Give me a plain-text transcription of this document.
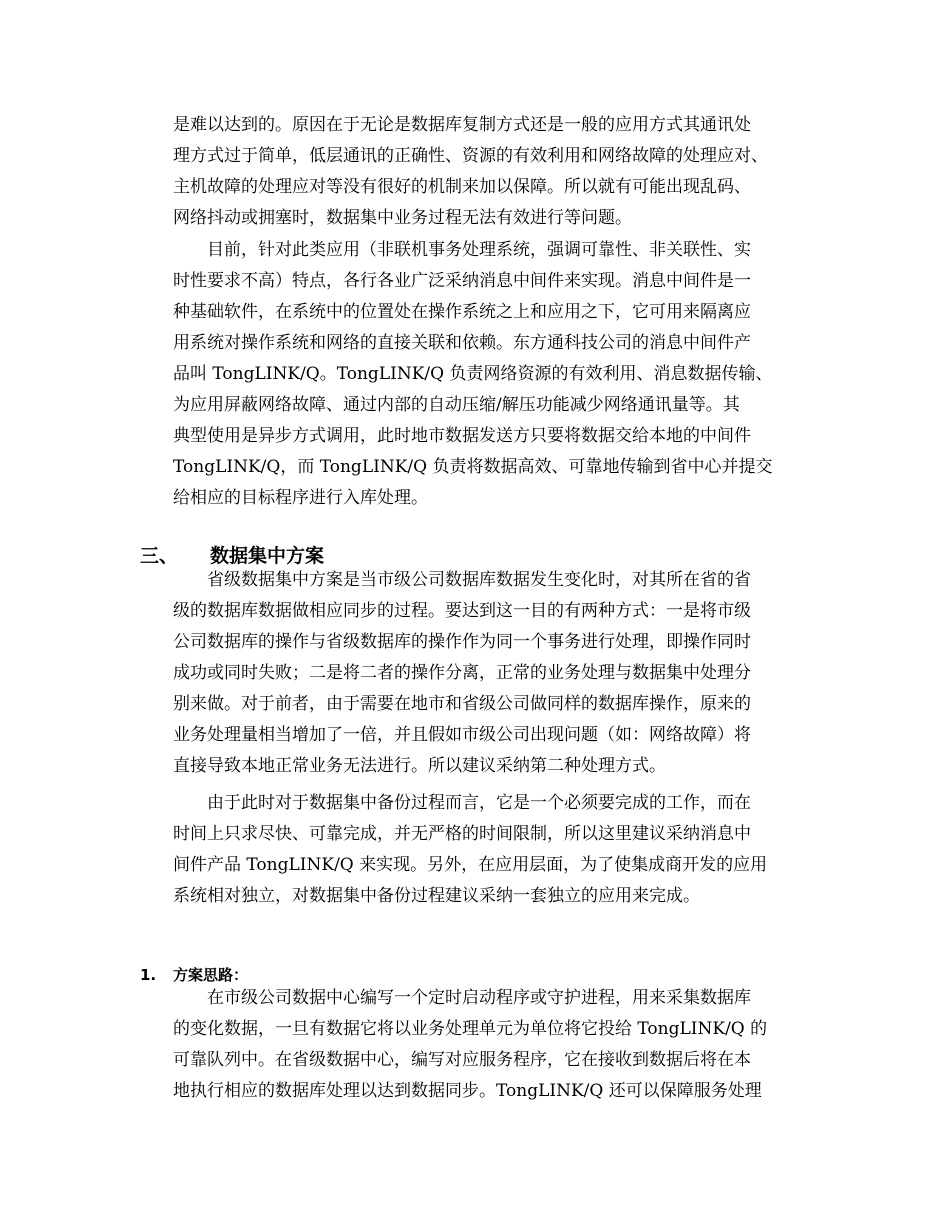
是难以达到的。原因在于无论是数据库复制方式还是一般的应用方式其通讯处
理方式过于简单，低层通讯的正确性、资源的有效利用和网络故障的处理应对、
主机故障的处理应对等没有很好的机制来加以保障。所以就有可能出现乱码、
网络抖动或拥塞时，数据集中业务过程无法有效进行等问题。

目前，针对此类应用（非联机事务处理系统，强调可靠性、非关联性、实
时性要求不高）特点，各行各业广泛采纳消息中间件来实现。消息中间件是一
种基础软件，在系统中的位置处在操作系统之上和应用之下，它可用来隔离应
用系统对操作系统和网络的直接关联和依赖。东方通科技公司的消息中间件产
品叫 TongLINK/Q。TongLINK/Q 负责网络资源的有效利用、消息数据传输、
为应用屏蔽网络故障、通过内部的自动压缩/解压功能减少网络通讯量等。其
典型使用是异步方式调用，此时地市数据发送方只要将数据交给本地的中间件
TongLINK/Q，而 TongLINK/Q 负责将数据高效、可靠地传输到省中心并提交
给相应的目标程序进行入库处理。

三、 数据集中方案

省级数据集中方案是当市级公司数据库数据发生变化时，对其所在省的省
级的数据库数据做相应同步的过程。要达到这一目的有两种方式：一是将市级
公司数据库的操作与省级数据库的操作作为同一个事务进行处理，即操作同时
成功或同时失败；二是将二者的操作分离，正常的业务处理与数据集中处理分
别来做。对于前者，由于需要在地市和省级公司做同样的数据库操作，原来的
业务处理量相当增加了一倍，并且假如市级公司出现问题（如：网络故障）将
直接导致本地正常业务无法进行。所以建议采纳第二种处理方式。

由于此时对于数据集中备份过程而言，它是一个必须要完成的工作，而在
时间上只求尽快、可靠完成，并无严格的时间限制，所以这里建议采纳消息中
间件产品 TongLINK/Q 来实现。另外，在应用层面，为了使集成商开发的应用
系统相对独立，对数据集中备份过程建议采纳一套独立的应用来完成。

1. 方案思路：

在市级公司数据中心编写一个定时启动程序或守护进程，用来采集数据库
的变化数据，一旦有数据它将以业务处理单元为单位将它投给 TongLINK/Q 的
可靠队列中。在省级数据中心，编写对应服务程序，它在接收到数据后将在本
地执行相应的数据库处理以达到数据同步。TongLINK/Q 还可以保障服务处理
